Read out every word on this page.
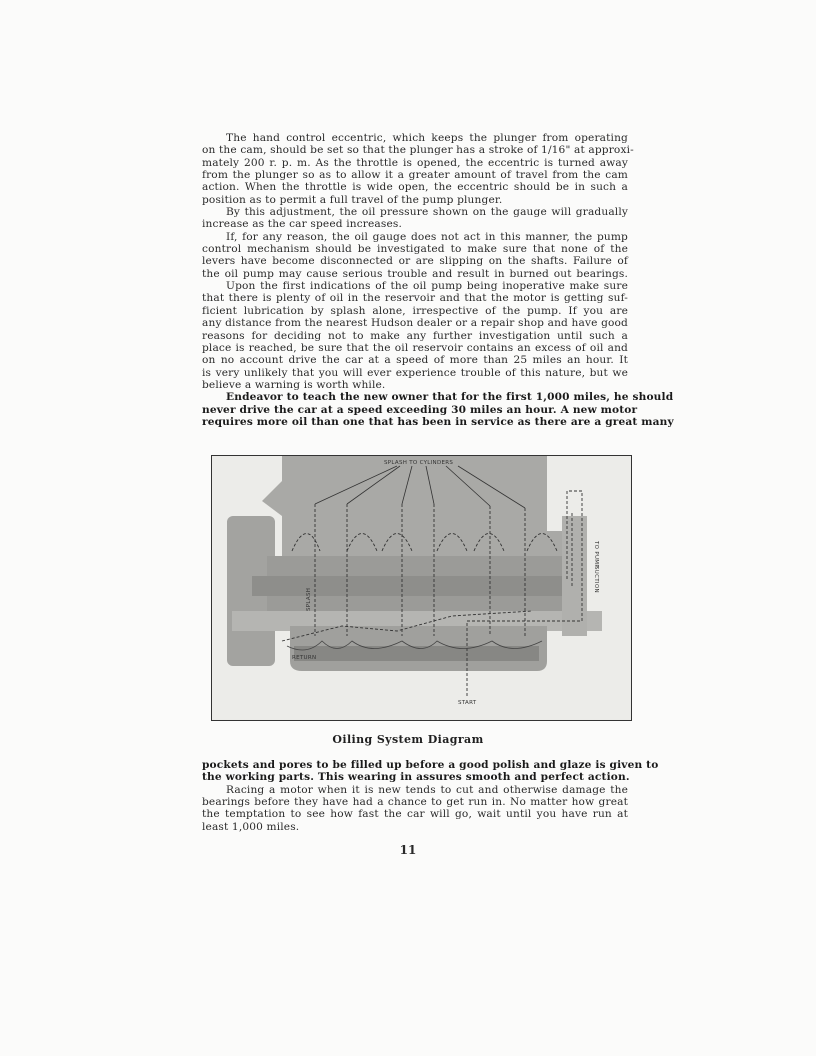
The hand control eccentric, which keeps the plunger from operating
on the cam, should be set so that the plunger has a stroke of 1/16" at approxi-
mately 200 r. p. m. As the throttle is opened, the eccentric is turned away
from the plunger so as to allow it a greater amount of travel from the cam
action. When the throttle is wide open, the eccentric should be in such a
position as to permit a full travel of the pump plunger.
By this adjustment, the oil pressure shown on the gauge will gradually
increase as the car speed increases.
If, for any reason, the oil gauge does not act in this manner, the pump
control mechanism should be investigated to make sure that none of the
levers have become disconnected or are slipping on the shafts. Failure of
the oil pump may cause serious trouble and result in burned out bearings.
Upon the first indications of the oil pump being inoperative make sure
that there is plenty of oil in the reservoir and that the motor is getting suf-
ficient lubrication by splash alone, irrespective of the pump. If you are
any distance from the nearest Hudson dealer or a repair shop and have good
reasons for deciding not to make any further investigation until such a
place is reached, be sure that the oil reservoir contains an excess of oil and
on no account drive the car at a speed of more than 25 miles an hour. It
is very unlikely that you will ever experience trouble of this nature, but we
believe a warning is worth while.
Endeavor to teach the new owner that for the first 1,000 miles, he should
never drive the car at a speed exceeding 30 miles an hour. A new motor
requires more oil than one that has been in service as there are a great many
SPLASH TO CYLINDERS
RETURN
START
TO PUMP
SUCTION
SPLASH
Oiling System Diagram
pockets and pores to be filled up before a good polish and glaze is given to
the working parts. This wearing in assures smooth and perfect action.
Racing a motor when it is new tends to cut and otherwise damage the
bearings before they have had a chance to get run in. No matter how great
the temptation to see how fast the car will go, wait until you have run at
least 1,000 miles.
11
